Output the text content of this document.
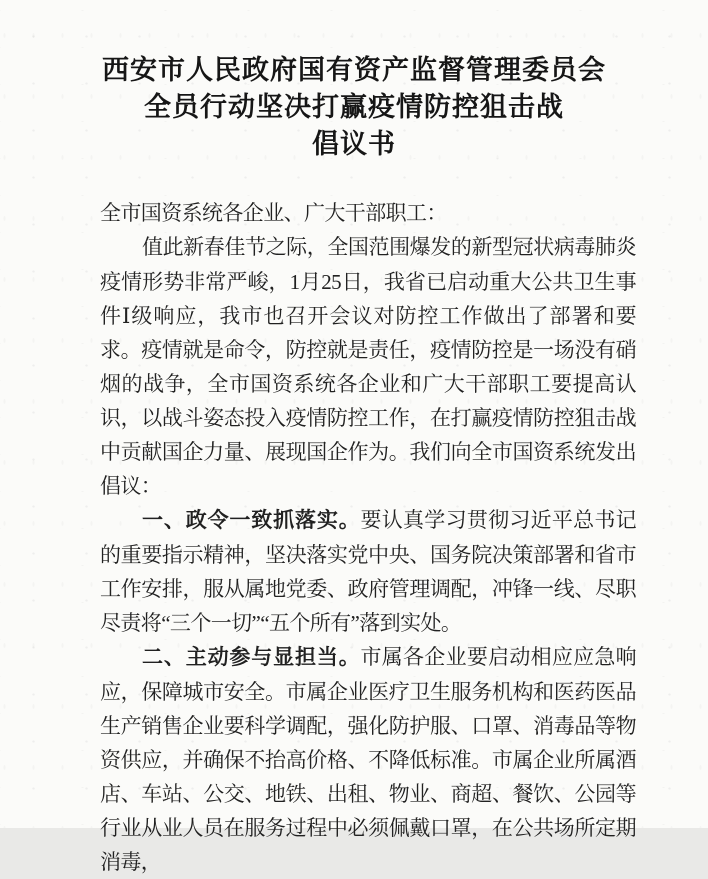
西安市人民政府国有资产监督管理委员会
全员行动坚决打赢疫情防控狙击战
倡议书

全市国资系统各企业、广大干部职工：

值此新春佳节之际，全国范围爆发的新型冠状病毒肺炎疫情形势非常严峻，1月25日，我省已启动重大公共卫生事件Ⅰ级响应，我市也召开会议对防控工作做出了部署和要求。疫情就是命令，防控就是责任，疫情防控是一场没有硝烟的战争，全市国资系统各企业和广大干部职工要提高认识，以战斗姿态投入疫情防控工作，在打赢疫情防控狙击战中贡献国企力量、展现国企作为。我们向全市国资系统发出倡议：

一、政令一致抓落实。要认真学习贯彻习近平总书记的重要指示精神，坚决落实党中央、国务院决策部署和省市工作安排，服从属地党委、政府管理调配，冲锋一线、尽职尽责将“三个一切”“五个所有”落到实处。

二、主动参与显担当。市属各企业要启动相应应急响应，保障城市安全。市属企业医疗卫生服务机构和医药医品生产销售企业要科学调配，强化防护服、口罩、消毒品等物资供应，并确保不抬高价格、不降低标准。市属企业所属酒店、车站、公交、地铁、出租、物业、商超、餐饮、公园等行业从业人员在服务过程中必须佩戴口罩，在公共场所定期消毒，
